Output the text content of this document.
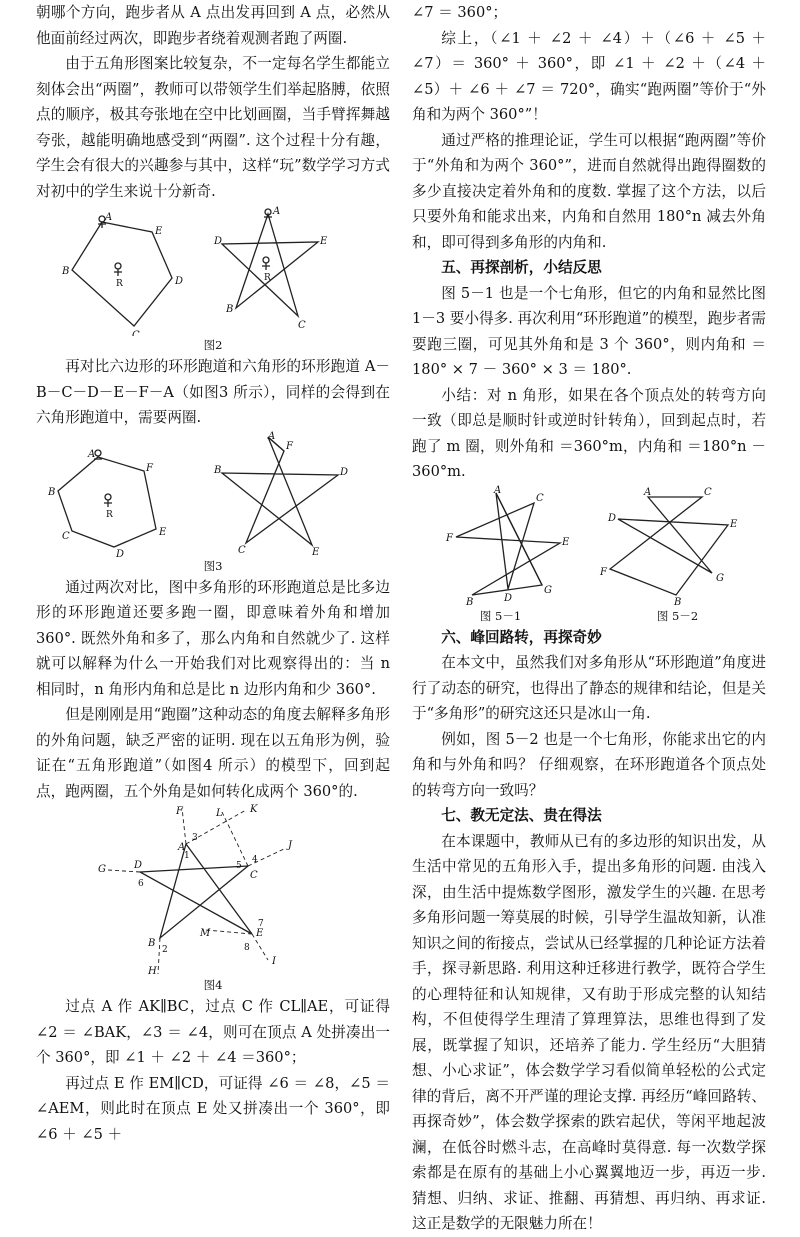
朝哪个方向，跑步者从 A 点出发再回到 A 点，必然从他面前经过两次，即跑步者绕着观测者跑了两圈.

由于五角形图案比较复杂，不一定每名学生都能立刻体会出“两圈”，教师可以带领学生们举起胳膊，依照点的顺序，极其夸张地在空中比划画圈，当手臂挥舞越夸张，越能明确地感受到“两圈”. 这个过程十分有趣，学生会有很大的兴趣参与其中，这样“玩”数学学习方式对初中的学生来说十分新奇.

A
B
C
D
E
R
A
B
C
D	E
R
图2

再对比六边形的环形跑道和六角形的环形跑道 A－B－C－D－E－F－A（如图3 所示），同样的会得到在六角形跑道中，需要两圈.

A
B
C
D
E
F
R
A
B
C
D
E
F
图3

通过两次对比，图中多角形的环形跑道总是比多边形的环形跑道还要多跑一圈，即意味着外角和增加 360°. 既然外角和多了，那么内角和自然就少了. 这样就可以解释为什么一开始我们对比观察得出的：当 n 相同时，n 角形内角和总是比 n 边形内角和少 360°.

但是刚刚是用“跑圈”这种动态的角度去解释多角形的外角问题，缺乏严密的证明. 现在以五角形为例，验证在“五角形跑道”（如图4 所示）的模型下，回到起点，跑两圈，五个外角是如何转化成两个 360°的.

A
B
C
D
E
F
G
H
I
J
K
L
M
1
2
3
4
5
6
7
8
图4

过点 A 作 AK∥BC，过点 C 作 CL∥AE，可证得 ∠2 ＝ ∠BAK，∠3 ＝ ∠4，则可在顶点 A 处拼凑出一个 360°，即 ∠1 ＋ ∠2 ＋ ∠4 ＝360°；

再过点 E 作 EM∥CD，可证得 ∠6 ＝ ∠8，∠5 ＝ ∠AEM，则此时在顶点 E 处又拼凑出一个 360°，即 ∠6 ＋ ∠5 ＋

∠7 ＝ 360°；

综上，（∠1 ＋ ∠2 ＋ ∠4）＋（∠6 ＋ ∠5 ＋ ∠7）＝ 360° ＋ 360°，即 ∠1 ＋ ∠2 ＋（∠4 ＋ ∠5）＋ ∠6 ＋ ∠7 ＝ 720°，确实“跑两圈”等价于“外角和为两个 360°”！

通过严格的推理论证，学生可以根据“跑两圈”等价于“外角和为两个 360°”，进而自然就得出跑得圈数的多少直接决定着外角和的度数. 掌握了这个方法，以后只要外角和能求出来，内角和自然用 180°n 减去外角和，即可得到多角形的内角和.

五、再探剖析，小结反思

图 5－1 也是一个七角形，但它的内角和显然比图 1－3 要小得多. 再次利用“环形跑道”的模型，跑步者需要跑三圈，可见其外角和是 3 个 360°，则内角和 ＝ 180° × 7 － 360° × 3 ＝ 180°.

小结：对 n 角形，如果在各个顶点处的转弯方向一致（即总是顺时针或逆时针转角），回到起点时，若跑了 m 圈，则外角和 ＝360°m，内角和 ＝180°n － 360°m.

A
B
C
D
E
F
G
A
B
C
D
E
F
G
图 5－1	图 5－2
六、峰回路转，再探奇妙

在本文中，虽然我们对多角形从“环形跑道”角度进行了动态的研究，也得出了静态的规律和结论，但是关于“多角形”的研究这还只是冰山一角.

例如，图 5－2 也是一个七角形，你能求出它的内角和与外角和吗？ 仔细观察，在环形跑道各个顶点处的转弯方向一致吗？

七、教无定法、贵在得法

在本课题中，教师从已有的多边形的知识出发，从生活中常见的五角形入手，提出多角形的问题. 由浅入深，由生活中提炼数学图形，激发学生的兴趣. 在思考多角形问题一筹莫展的时候，引导学生温故知新，认准知识之间的衔接点，尝试从已经掌握的几种论证方法着手，探寻新思路. 利用这种迁移进行教学，既符合学生的心理特征和认知规律，又有助于形成完整的认知结构，不但使得学生理清了算理算法，思维也得到了发展，既掌握了知识，还培养了能力. 学生经历“大胆猜想、小心求证”，体会数学学习看似简单轻松的公式定律的背后，离不开严谨的理论支撑. 再经历“峰回路转、再探奇妙”，体会数学探索的跌宕起伏，等闲平地起波澜，在低谷时燃斗志，在高峰时莫得意. 每一次数学探索都是在原有的基础上小心翼翼地迈一步，再迈一步. 猜想、归纳、求证、推翻、再猜想、再归纳、再求证. 这正是数学的无限魅力所在！
